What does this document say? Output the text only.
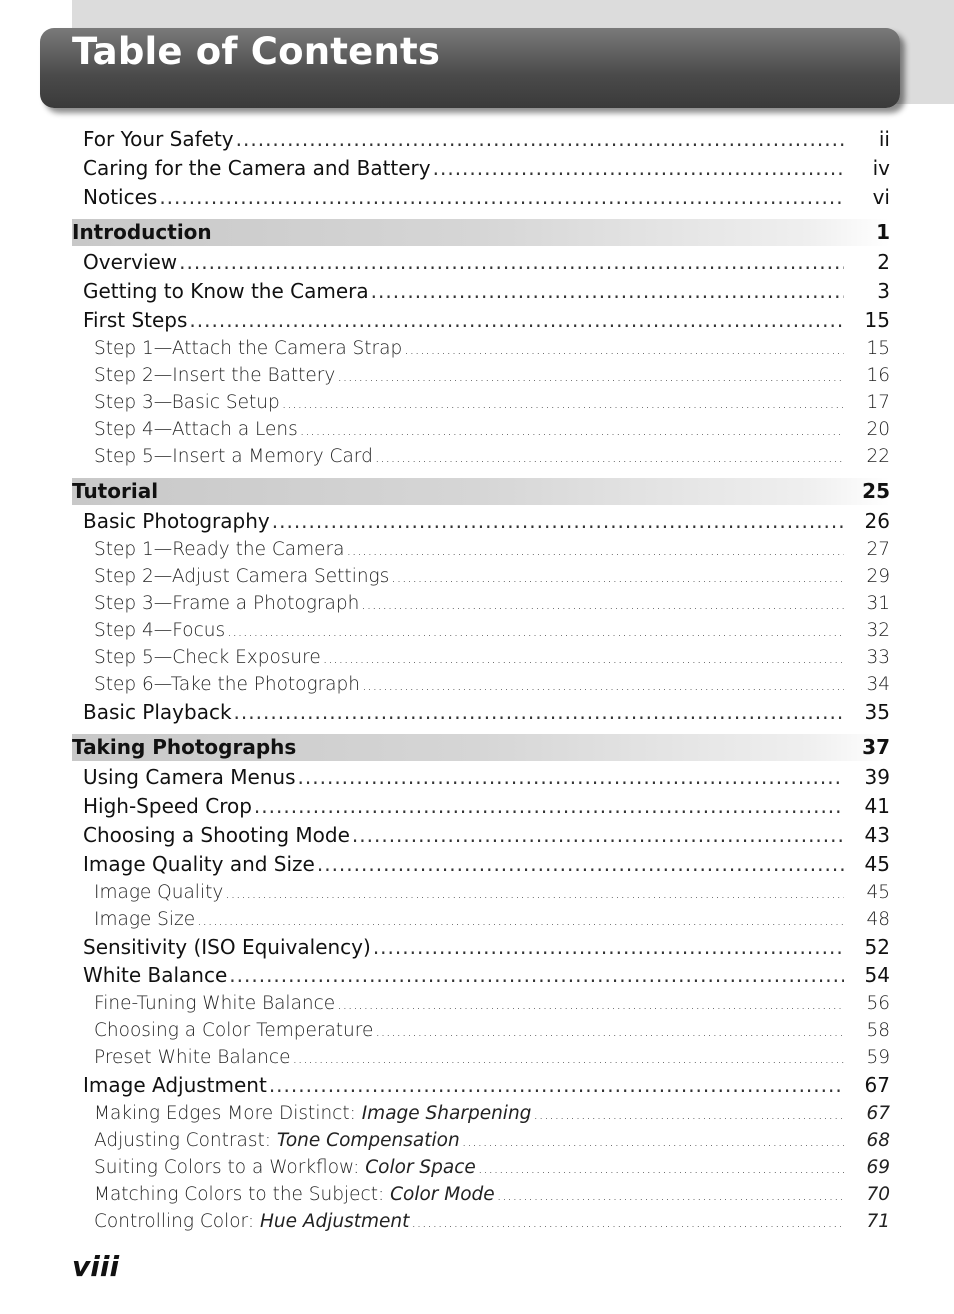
Table of Contents
For Your Safety .....	ii
Caring for the Camera and Battery .....	iv
Notices .....	vi
Introduction	1
Overview .....	2
Getting to Know the Camera .....	3
First Steps .....	15
Step 1—Attach the Camera Strap .....	15
Step 2—Insert the Battery .....	16
Step 3—Basic Setup .....	17
Step 4—Attach a Lens .....	20
Step 5—Insert a Memory Card .....	22
Tutorial	25
Basic Photography .....	26
Step 1—Ready the Camera .....	27
Step 2—Adjust Camera Settings .....	29
Step 3—Frame a Photograph .....	31
Step 4—Focus .....	32
Step 5—Check Exposure .....	33
Step 6—Take the Photograph .....	34
Basic Playback .....	35
Taking Photographs	37
Using Camera Menus .....	39
High-Speed Crop .....	41
Choosing a Shooting Mode .....	43
Image Quality and Size .....	45
Image Quality .....	45
Image Size .....	48
Sensitivity (ISO Equivalency) .....	52
White Balance .....	54
Fine-Tuning White Balance .....	56
Choosing a Color Temperature .....	58
Preset White Balance .....	59
Image Adjustment .....	67
Making Edges More Distinct: Image Sharpening .....	67
Adjusting Contrast: Tone Compensation .....	68
Suiting Colors to a Workflow: Color Space .....	69
Matching Colors to the Subject: Color Mode .....	70
Controlling Color: Hue Adjustment .....	71
viii
